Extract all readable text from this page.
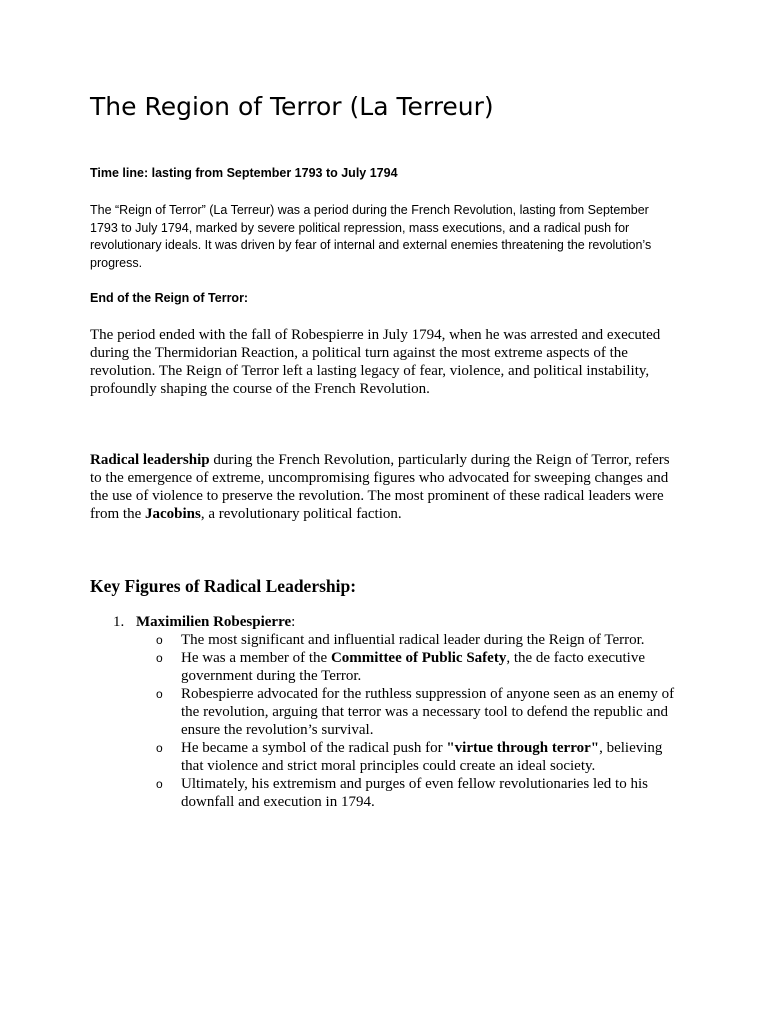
The Region of Terror (La Terreur)

Time line: lasting from September 1793 to July 1794

The “Reign of Terror” (La Terreur) was a period during the French Revolution, lasting from September 1793 to July 1794, marked by severe political repression, mass executions, and a radical push for revolutionary ideals. It was driven by fear of internal and external enemies threatening the revolution’s progress.

End of the Reign of Terror:

The period ended with the fall of Robespierre in July 1794, when he was arrested and executed during the Thermidorian Reaction, a political turn against the most extreme aspects of the revolution. The Reign of Terror left a lasting legacy of fear, violence, and political instability, profoundly shaping the course of the French Revolution.

Radical leadership during the French Revolution, particularly during the Reign of Terror, refers to the emergence of extreme, uncompromising figures who advocated for sweeping changes and the use of violence to preserve the revolution. The most prominent of these radical leaders were from the Jacobins, a revolutionary political faction.

Key Figures of Radical Leadership:
1. Maximilien Robespierre:
o The most significant and influential radical leader during the Reign of Terror.
o He was a member of the Committee of Public Safety, the de facto executive government during the Terror.
o Robespierre advocated for the ruthless suppression of anyone seen as an enemy of the revolution, arguing that terror was a necessary tool to defend the republic and ensure the revolution’s survival.
o He became a symbol of the radical push for "virtue through terror", believing that violence and strict moral principles could create an ideal society.
o Ultimately, his extremism and purges of even fellow revolutionaries led to his downfall and execution in 1794.
